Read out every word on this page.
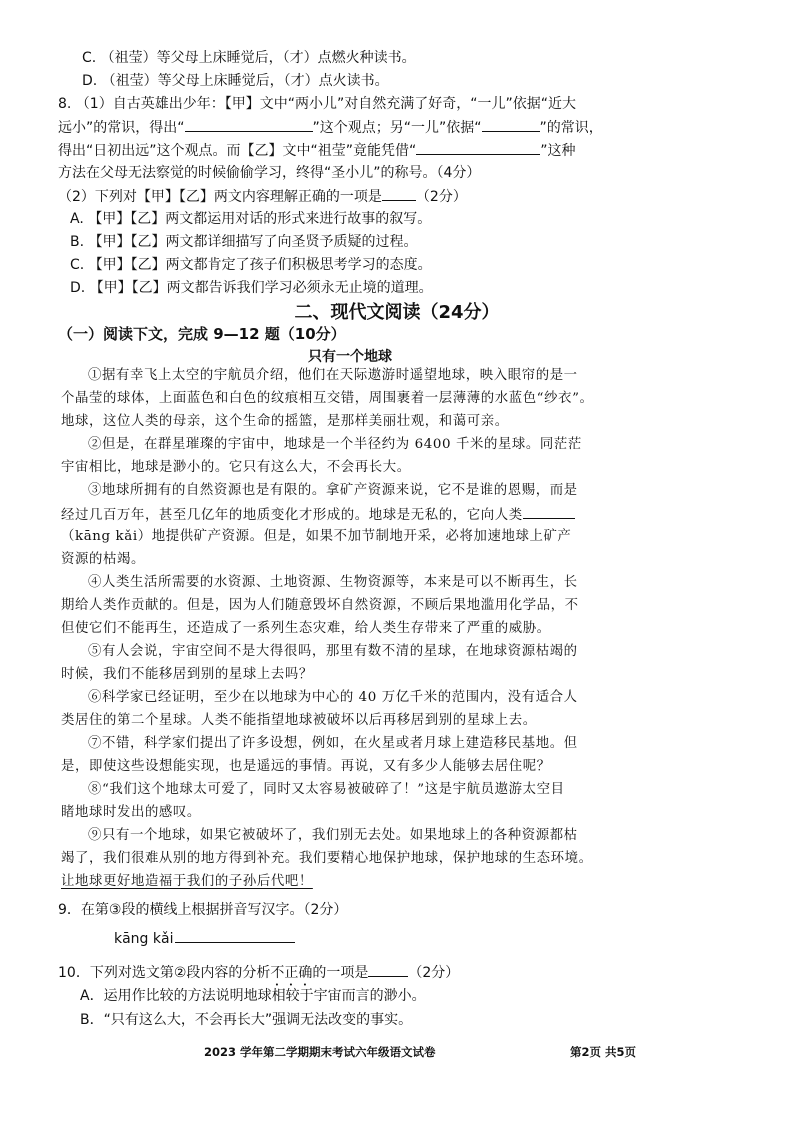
C. （祖莹）等父母上床睡觉后，（才）点燃火种读书。
D. （祖莹）等父母上床睡觉后，（才）点火读书。
8. （1）自古英雄出少年：【甲】文中“两小儿”对自然充满了好奇，“一儿”依据“近大
远小”的常识，得出“	”这个观点；另“一儿”依据“	”的常识，
得出“日初出远”这个观点。而【乙】文中“祖莹”竟能凭借“	”这种
方法在父母无法察觉的时候偷偷学习，终得“圣小儿”的称号。（4分）
（2）下列对【甲】【乙】两文内容理解正确的一项是 （2分）
A. 【甲】【乙】两文都运用对话的形式来进行故事的叙写。
B. 【甲】【乙】两文都详细描写了向圣贤予质疑的过程。
C. 【甲】【乙】两文都肯定了孩子们积极思考学习的态度。
D. 【甲】【乙】两文都告诉我们学习必须永无止境的道理。
二、现代文阅读（24分）
（一）阅读下文，完成 9—12 题（10分）
只有一个地球
①据有幸飞上太空的宇航员介绍，他们在天际遨游时遥望地球，映入眼帘的是一
个晶莹的球体，上面蓝色和白色的纹痕相互交错，周围裹着一层薄薄的水蓝色“纱衣”。
地球，这位人类的母亲，这个生命的摇篮，是那样美丽壮观，和蔼可亲。
②但是，在群星璀璨的宇宙中，地球是一个半径约为 6400 千米的星球。同茫茫
宇宙相比，地球是渺小的。它只有这么大，不会再长大。
③地球所拥有的自然资源也是有限的。拿矿产资源来说，它不是谁的恩赐，而是
经过几百万年，甚至几亿年的地质变化才形成的。地球是无私的，它向人类
（kāng kǎi）地提供矿产资源。但是，如果不加节制地开采，必将加速地球上矿产
资源的枯竭。
④人类生活所需要的水资源、土地资源、生物资源等，本来是可以不断再生，长
期给人类作贡献的。但是，因为人们随意毁坏自然资源，不顾后果地滥用化学品，不
但使它们不能再生，还造成了一系列生态灾难，给人类生存带来了严重的威胁。
⑤有人会说，宇宙空间不是大得很吗，那里有数不清的星球，在地球资源枯竭的
时候，我们不能移居到别的星球上去吗？
⑥科学家已经证明，至少在以地球为中心的 40 万亿千米的范围内，没有适合人
类居住的第二个星球。人类不能指望地球被破坏以后再移居到别的星球上去。
⑦不错，科学家们提出了许多设想，例如，在火星或者月球上建造移民基地。但
是，即使这些设想能实现，也是遥远的事情。再说，又有多少人能够去居住呢？
⑧“我们这个地球太可爱了，同时又太容易被破碎了！”这是宇航员遨游太空目
睹地球时发出的感叹。
⑨只有一个地球，如果它被破坏了，我们别无去处。如果地球上的各种资源都枯
竭了，我们很难从别的地方得到补充。我们要精心地保护地球，保护地球的生态环境。
让地球更好地造福于我们的子孙后代吧！
9．在第③段的横线上根据拼音写汉字。（2分）
kāng kǎi
10．下列对选文第②段内容的分析不正确的一项是	（2分）
A．运用作比较的方法说明地球相较于宇宙而言的渺小。
B．“只有这么大，不会再长大”强调无法改变的事实。
2023 学年第二学期期末考试六年级语文试卷	第2页 共5页
